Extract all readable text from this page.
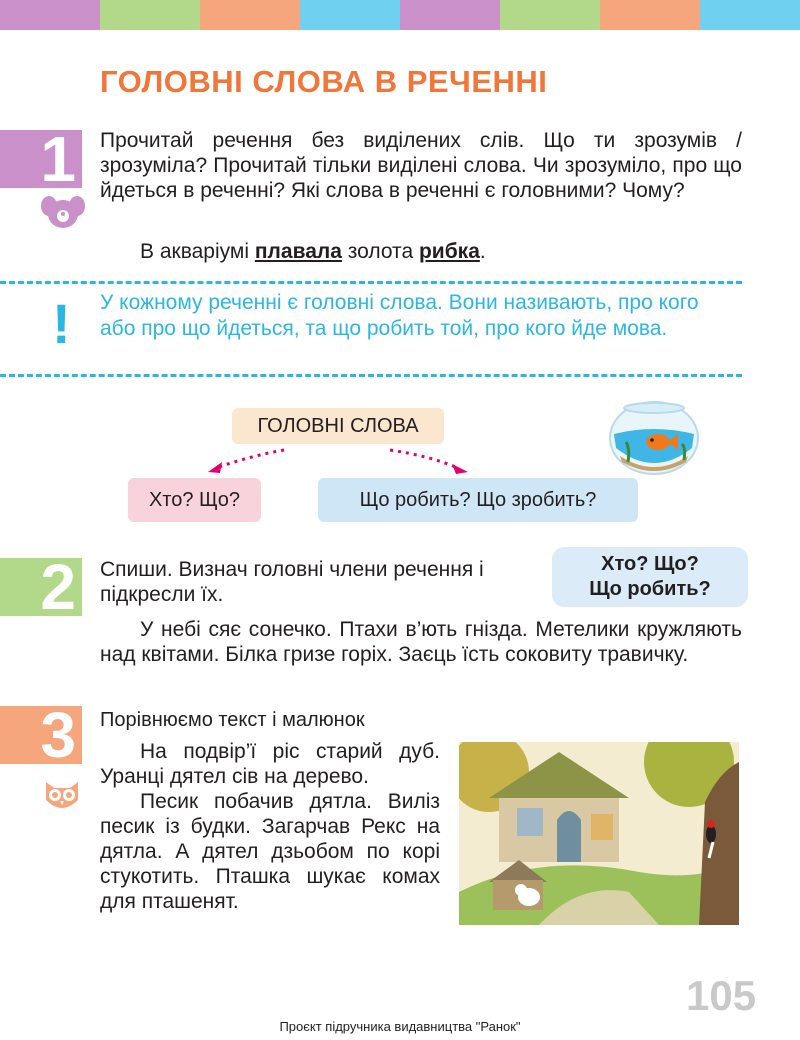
ГОЛОВНІ СЛОВА В РЕЧЕННІ
1 Прочитай речення без виділених слів. Що ти зрозумів / зрозуміла? Прочитай тільки виділені слова. Чи зрозуміло, про що йдеться в реченні? Які слова в реченні є головними? Чому?

В акваріумі плавала золота рибка.

! У кожному реченні є головні слова. Вони називають, про кого або про що йдеться, та що робить той, про кого йде мова.

ГОЛОВНІ СЛОВА
Хто? Що?	Що робить? Що зробить?
2 Спиши. Визнач головні члени речення і підкресли їх.

Хто? Що?
Що робить?

У небі сяє сонечко. Птахи в’ють гнізда. Метелики кружляють над квітами. Білка гризе горіх. Заєць їсть соковиту травичку.

3	Порівнюємо текст і малюнок

На подвір’ї ріс старий дуб. Уранці дятел сів на дерево.

Песик побачив дятла. Виліз песик із будки. Загарчав Рекс на дятла. А дятел дзьобом по корі стукотить. Пташка шукає комах для пташенят.

105
Проєкт підручника видавництва "Ранок"
